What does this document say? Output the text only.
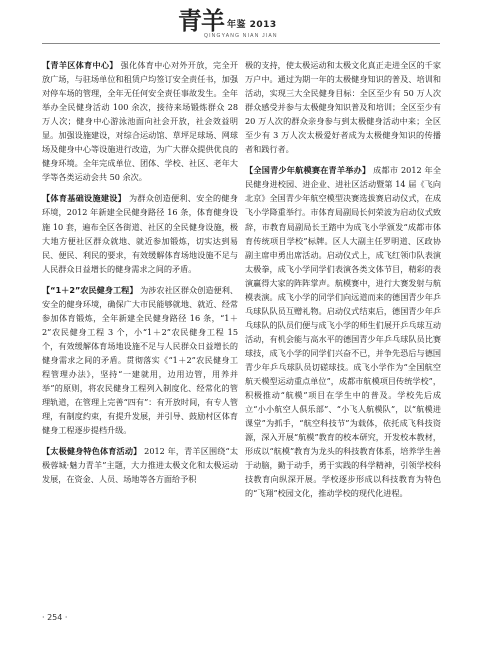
青羊 年鉴 2013
QINGYANG NIAN JIAN

【青羊区体育中心】 强化体育中心对外开放，完全开放广场，与驻场单位和租赁户均签订安全责任书，加强对停车场的管理，全年无任何安全责任事故发生。全年举办全民健身活动 100 余次，接待来场锻炼群众 28 万人次；健身中心游泳池面向社会开放，社会效益明显。加强设施建设，对综合运动馆、草坪足球场、网球场及健身中心等设施进行改造，为广大群众提供优良的健身环境。全年完成单位、团体、学校、社区、老年大学等各类运动会共 50 余次。

【体育基础设施建设】 为群众创造便利、安全的健身环境，2012 年新建全民健身路径 16 条，体育健身设施 10 套，遍布全区各街道、社区的全民健身设施，极大地方便社区群众就地、就近参加锻炼，切实达到易民、便民、利民的要求，有效缓解体育场地设施不足与人民群众日益增长的健身需求之间的矛盾。

【“1＋2”农民健身工程】 为涉农社区群众创造便利、安全的健身环境，确保广大市民能够就地、就近、经常参加体育锻炼，全年新建全民健身路径 16 条，“1＋2”农民健身工程 3 个，小“1＋2”农民健身工程 15 个，有效缓解体育场地设施不足与人民群众日益增长的健身需求之间的矛盾。贯彻落实《“1＋2”农民健身工程管理办法》，坚持“一建就用，边用边管，用养并举”的原则，将农民健身工程列入制度化、经常化的管理轨道，在管理上完善“四有”：有开放时间，有专人管理，有制度约束，有提升发展，并引导、鼓励村区体育健身工程逐步提档升级。

【太极健身特色体育活动】 2012 年，青羊区围绕“太极蓉城·魅力青羊”主题，大力推进太极文化和太极运动发展，在资金、人员、场地等各方面给予积

极的支持，使太极运动和太极文化真正走进全区的千家万户中。通过为期一年的太极健身知识的普及、培训和活动，实现三大全民健身目标：全区至少有 50 万人次群众感受并参与太极健身知识普及和培训；全区至少有 20 万人次的群众亲身参与到太极健身活动中来；全区至少有 3 万人次太极爱好者成为太极健身知识的传播者和践行者。

【全国青少年航模赛在青羊举办】 成都市 2012 年全民健身进校园、进企业、进社区活动暨第 14 届《飞向北京》全国青少年航空模型决赛选拔赛启动仪式，在成飞小学降重举行。市体育局副局长何荣波为启动仪式致辞，市教育局副局长王踏中为成飞小学颁发“成都市体育传统项目学校”标牌。区人大副主任罗明道、区政协副主席申勇出席活动。启动仪式上，成飞红领巾队表演太极拳，成飞小学同学们表演各类文体节目，精彩的表演赢得大家的阵阵掌声。航模赛中，进行大赛发射与航模表演。成飞小学的同学们向远道而来的德国青少年乒乓球队队员互赠礼物。启动仪式结束后，德国青少年乒乓球队的队员们便与成飞小学的师生们展开乒乓球互动活动，有机会能与高水平的德国青少年乒乓球队员比赛球技，成飞小学的同学们兴奋不已，并争先恐后与德国青少年乒乓球队员切磋球技。成飞小学作为“全国航空航天模型运动重点单位”，成都市航模项目传统学校”，积极推动“航模”项目在学生中的普及。学校先后成立“小小航空人俱乐部”、“小飞人航模队”，以“航模进课堂”为抓手，“航空科技节”为载体，依托成飞科技资源，深入开展“航模”教育的校本研究，开发校本教材，形成以“航模”教育为龙头的科技教育体系，培养学生善于动脑，勤于动手，勇于实践的科学精神，引领学校科技教育向纵深开展。学校逐步形成以科技教育为特色的“飞翔”校园文化，推动学校的现代化进程。

· 254 ·
